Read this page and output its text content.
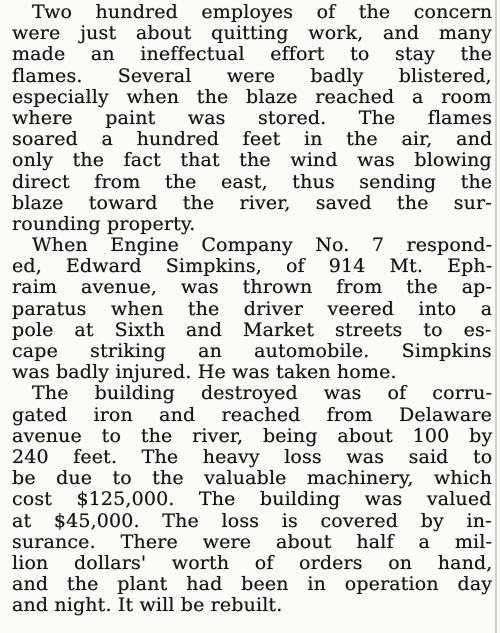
Two hundred employes of the concern
were just about quitting work, and many
made an ineffectual effort to stay the
flames. Several were badly blistered,
especially when the blaze reached a room
where paint was stored. The flames
soared a hundred feet in the air, and
only the fact that the wind was blowing
direct from the east, thus sending the
blaze toward the river, saved the sur-
rounding property.
When Engine Company No. 7 respond-
ed, Edward Simpkins, of 914 Mt. Eph-
raim avenue, was thrown from the ap-
paratus when the driver veered into a
pole at Sixth and Market streets to es-
cape striking an automobile. Simpkins
was badly injured. He was taken home.
The building destroyed was of corru-
gated iron and reached from Delaware
avenue to the river, being about 100 by
240 feet. The heavy loss was said to
be due to the valuable machinery, which
cost $125,000. The building was valued
at $45,000. The loss is covered by in-
surance. There were about half a mil-
lion dollars' worth of orders on hand,
and the plant had been in operation day
and night. It will be rebuilt.
